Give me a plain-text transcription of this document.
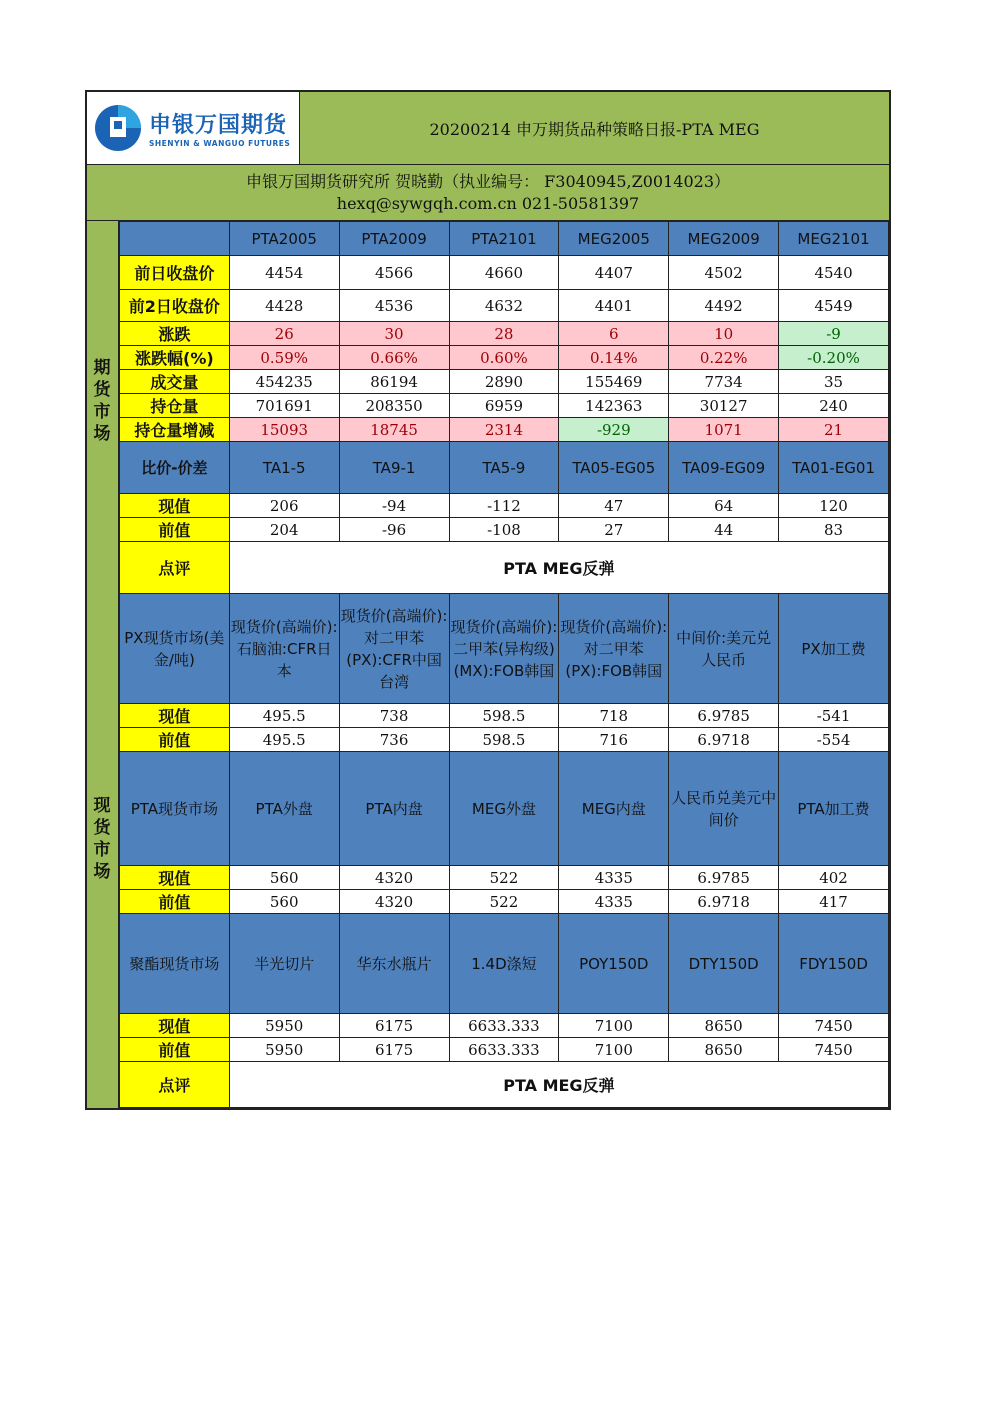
申银万国期货
SHENYIN & WANGUO FUTURES
20200214 申万期货品种策略日报-PTA MEG
申银万国期货研究所 贺晓勤（执业编号： F3040945,Z0014023）
hexq@sywgqh.com.cn 021-50581397
期
货
市
场
现
货
市
场
	PTA2005	PTA2009	PTA2101	MEG2005	MEG2009	MEG2101
前日收盘价	4454	4566	4660	4407	4502	4540
前2日收盘价	4428	4536	4632	4401	4492	4549
涨跌	26	30	28	6	10	-9
涨跌幅(%)	0.59%	0.66%	0.60%	0.14%	0.22%	-0.20%
成交量	454235	86194	2890	155469	7734	35
持仓量	701691	208350	6959	142363	30127	240
持仓量增减	15093	18745	2314	-929	1071	21
比价-价差	TA1-5	TA9-1	TA5-9	TA05-EG05	TA09-EG09	TA01-EG01
现值	206	-94	-112	47	64	120
前值	204	-96	-108	27	44	83
点评	PTA MEG反弹					
PX现货市场(美金/吨)	现货价(高端价):石脑油:CFR日本	现货价(高端价):对二甲苯(PX):CFR中国台湾	现货价(高端价):二甲苯(异构级)(MX):FOB韩国	现货价(高端价):对二甲苯(PX):FOB韩国	中间价:美元兑人民币	PX加工费
现值	495.5	738	598.5	718	6.9785	-541
前值	495.5	736	598.5	716	6.9718	-554
PTA现货市场	PTA外盘	PTA内盘	MEG外盘	MEG内盘	人民币兑美元中间价	PTA加工费
现值	560	4320	522	4335	6.9785	402
前值	560	4320	522	4335	6.9718	417
聚酯现货市场	半光切片	华东水瓶片	1.4D涤短	POY150D	DTY150D	FDY150D
现值	5950	6175	6633.333	7100	8650	7450
前值	5950	6175	6633.333	7100	8650	7450
点评	PTA MEG反弹					
